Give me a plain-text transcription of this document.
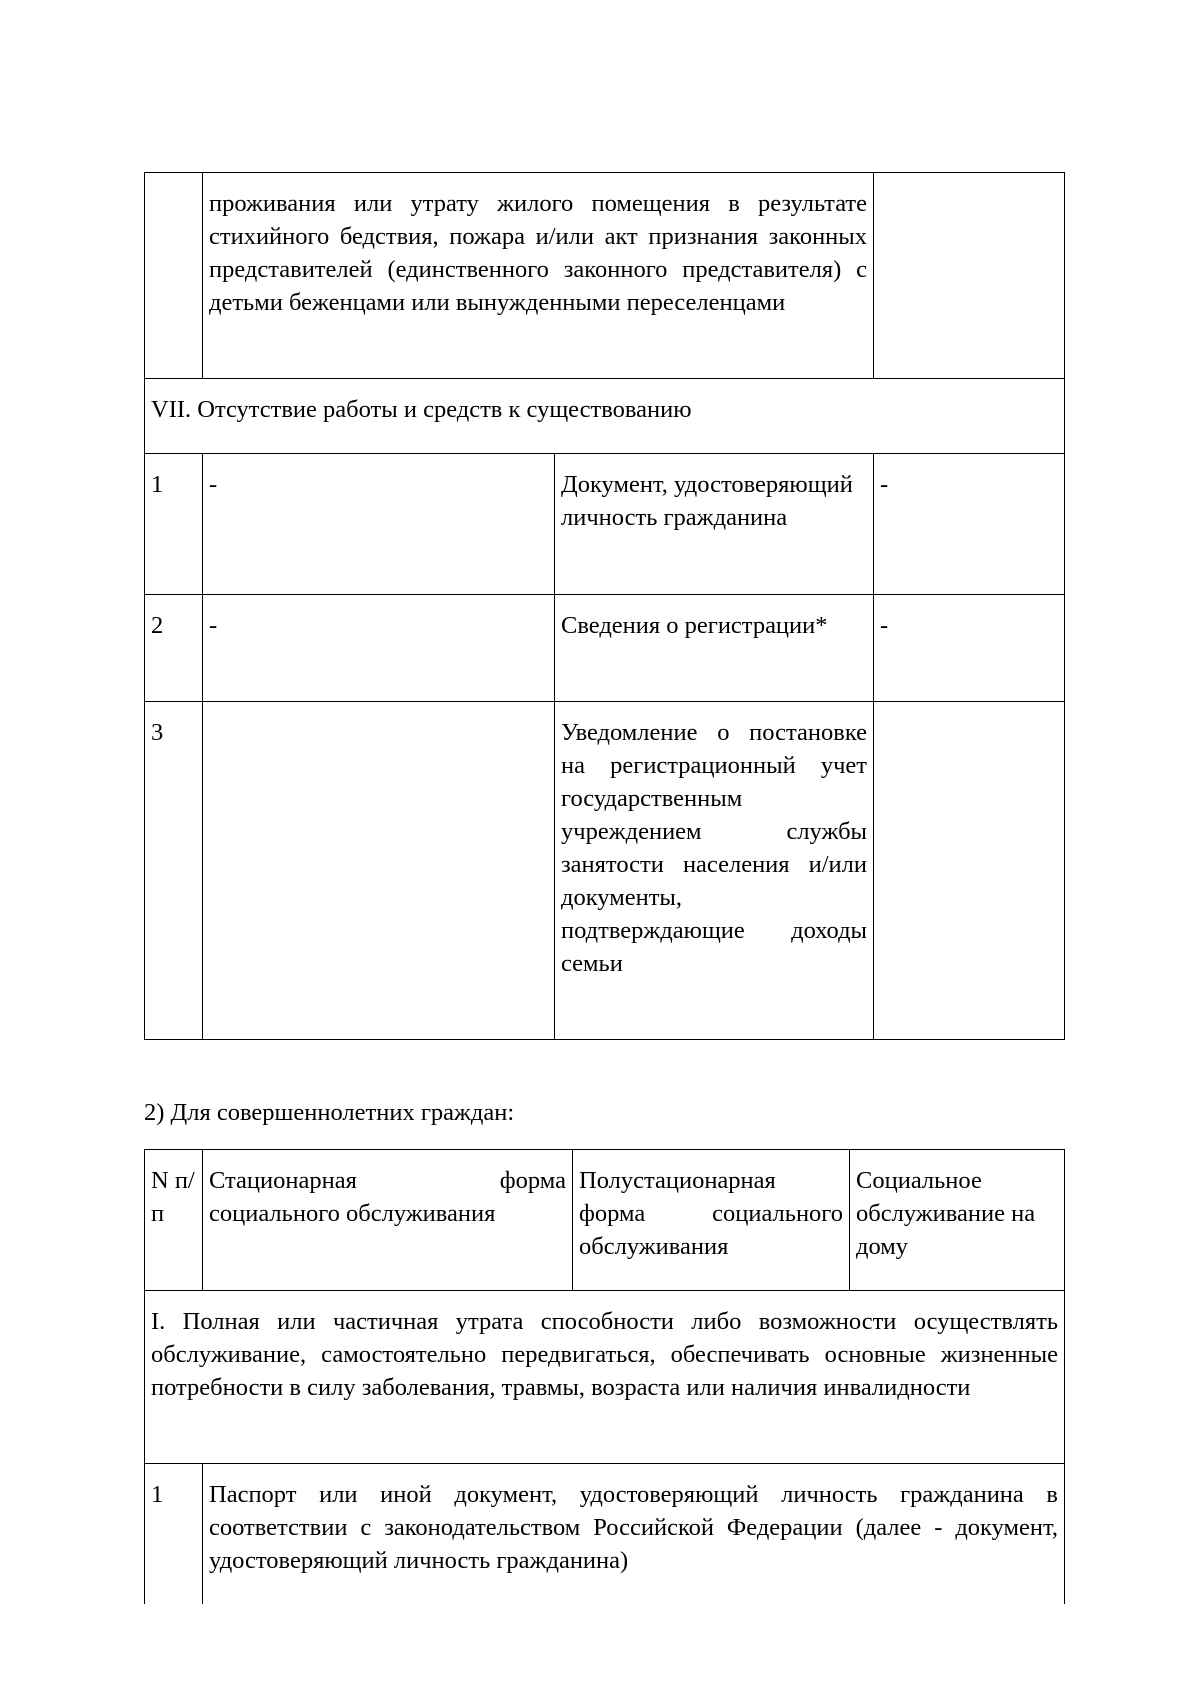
	проживания или утрату жилого помещения в результате стихийного бедствия, пожара и/или акт признания законных представителей (единственного законного представителя) с детьми беженцами или вынужденными переселенцами		
VII. Отсутствие работы и средств к существованию			
1	-	Документ, удостоверяющий личность гражданина	-
2	-	Сведения о регистрации*	-
3		Уведомление о постановке на регистрационный учет государственным учреждением службы занятости населения и/или документы, подтверждающие доходы семьи	

2) Для совершеннолетних граждан:

N п/п	Стационарная форма социального обслуживания	Полустационарная форма социального обслуживания	Социальное обслуживание на дому
I. Полная или частичная утрата способности либо возможности осуществлять обслуживание, самостоятельно передвигаться, обеспечивать основные жизненные потребности в силу заболевания, травмы, возраста или наличия инвалидности			
1	Паспорт или иной документ, удостоверяющий личность гражданина в соответствии с законодательством Российской Федерации (далее - документ, удостоверяющий личность гражданина)		
